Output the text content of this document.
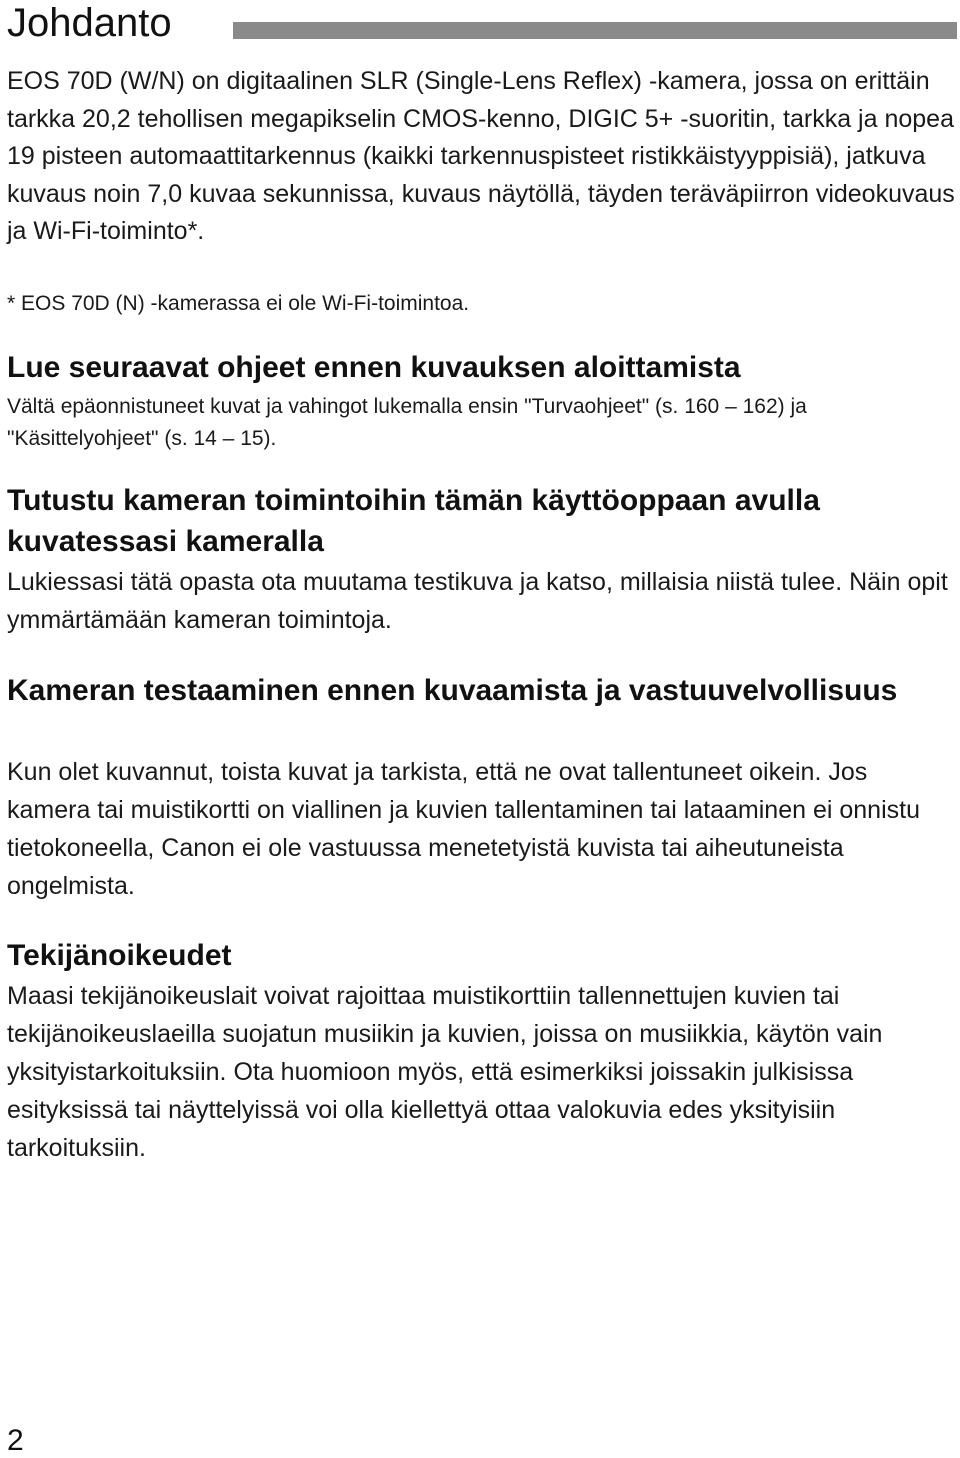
Johdanto

EOS 70D (W/N) on digitaalinen SLR (Single-Lens Reflex) -kamera, jossa on erittäin tarkka 20,2 tehollisen megapikselin CMOS-kenno, DIGIC 5+ -suoritin, tarkka ja nopea 19 pisteen automaattitarkennus (kaikki tarkennuspisteet ristikkäistyyppisiä), jatkuva kuvaus noin 7,0 kuvaa sekunnissa, kuvaus näytöllä, täyden teräväpiirron videokuvaus ja Wi-Fi-toiminto*.

* EOS 70D (N) -kamerassa ei ole Wi-Fi-toimintoa.

Lue seuraavat ohjeet ennen kuvauksen aloittamista

Vältä epäonnistuneet kuvat ja vahingot lukemalla ensin "Turvaohjeet" (s. 160 – 162) ja "Käsittelyohjeet" (s. 14 – 15).

Tutustu kameran toimintoihin tämän käyttöoppaan avulla kuvatessasi kameralla

Lukiessasi tätä opasta ota muutama testikuva ja katso, millaisia niistä tulee. Näin opit ymmärtämään kameran toimintoja.

Kameran testaaminen ennen kuvaamista ja vastuuvelvollisuus

Kun olet kuvannut, toista kuvat ja tarkista, että ne ovat tallentuneet oikein. Jos kamera tai muistikortti on viallinen ja kuvien tallentaminen tai lataaminen ei onnistu tietokoneella, Canon ei ole vastuussa menetetyistä kuvista tai aiheutuneista ongelmista.

Tekijänoikeudet

Maasi tekijänoikeuslait voivat rajoittaa muistikorttiin tallennettujen kuvien tai tekijänoikeuslaeilla suojatun musiikin ja kuvien, joissa on musiikkia, käytön vain yksityistarkoituksiin. Ota huomioon myös, että esimerkiksi joissakin julkisissa esityksissä tai näyttelyissä voi olla kiellettyä ottaa valokuvia edes yksityisiin tarkoituksiin.

2
